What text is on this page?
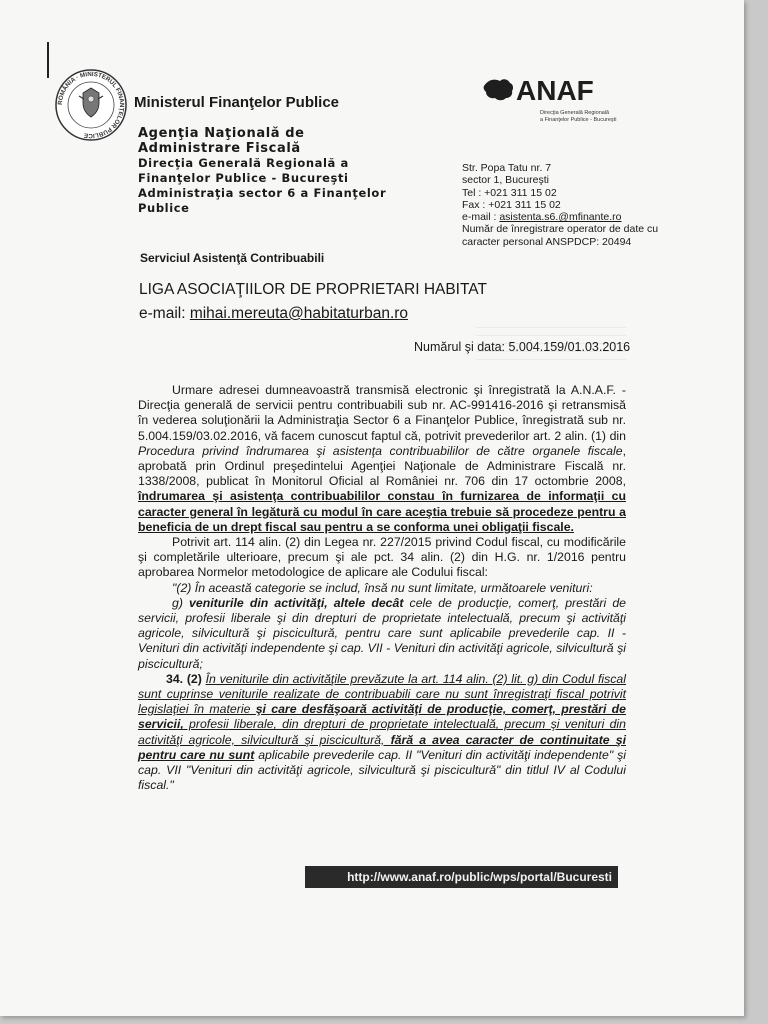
ROMÂNIA · MINISTERUL FINANȚELOR PUBLICE
Ministerul Finanţelor Publice
Agenţia Naţională de
Administrare Fiscală
Direcţia Generală Regională a
Finanţelor Publice - Bucureşti
Administraţia sector 6 a Finanţelor
Publice
Serviciul Asistenţă Contribuabili
ANAF
Direcţia Generală Regională
a Finanţelor Publice - Bucureşti
Str. Popa Tatu nr. 7
sector 1, Bucureşti
Tel : +021 311 15 02
Fax : +021 311 15 02
e-mail : asistenta.s6.@mfinante.ro
Număr de înregistrare operator de date cu
caracter personal ANSPDCP: 20494
LIGA ASOCIAŢIILOR DE PROPRIETARI HABITAT
e-mail: mihai.mereuta@habitaturban.ro
Numărul şi data: 5.004.159/01.03.2016

Urmare adresei dumneavoastră transmisă electronic şi înregistrată la A.N.A.F. - Direcţia generală de servicii pentru contribuabili sub nr. AC-991416-2016 şi retransmisă în vederea soluţionării la Administraţia Sector 6 a Finanţelor Publice, înregistrată sub nr. 5.004.159/03.02.2016, vă facem cunoscut faptul că, potrivit prevederilor art. 2 alin. (1) din Procedura privind îndrumarea şi asistenţa contribuabililor de către organele fiscale, aprobată prin Ordinul preşedintelui Agenţiei Naţionale de Administrare Fiscală nr. 1338/2008, publicat în Monitorul Oficial al României nr. 706 din 17 octombrie 2008, îndrumarea şi asistenţa contribuabililor constau în furnizarea de informaţii cu caracter general în legătură cu modul în care aceştia trebuie să procedeze pentru a beneficia de un drept fiscal sau pentru a se conforma unei obligaţii fiscale.

Potrivit art. 114 alin. (2) din Legea nr. 227/2015 privind Codul fiscal, cu modificările şi completările ulterioare, precum şi ale pct. 34 alin. (2) din H.G. nr. 1/2016 pentru aprobarea Normelor metodologice de aplicare ale Codului fiscal:

"(2) În această categorie se includ, însă nu sunt limitate, următoarele venituri:

g) veniturile din activităţi, altele decât cele de producţie, comerţ, prestări de servicii, profesii liberale şi din drepturi de proprietate intelectuală, precum şi activităţi agricole, silvicultură şi piscicultură, pentru care sunt aplicabile prevederile cap. II - Venituri din activităţi independente şi cap. VII - Venituri din activităţi agricole, silvicultură şi piscicultură;

34. (2) În veniturile din activităţile prevăzute la art. 114 alin. (2) lit. g) din Codul fiscal sunt cuprinse veniturile realizate de contribuabili care nu sunt înregistraţi fiscal potrivit legislaţiei în materie şi care desfăşoară activităţi de producţie, comerţ, prestări de servicii, profesii liberale, din drepturi de proprietate intelectuală, precum şi venituri din activităţi agricole, silvicultură şi piscicultură, fără a avea caracter de continuitate şi pentru care nu sunt aplicabile prevederile cap. II "Venituri din activităţi independente" şi cap. VII "Venituri din activităţi agricole, silvicultură şi piscicultură" din titlul IV al Codului fiscal."

http://www.anaf.ro/public/wps/portal/Bucuresti
